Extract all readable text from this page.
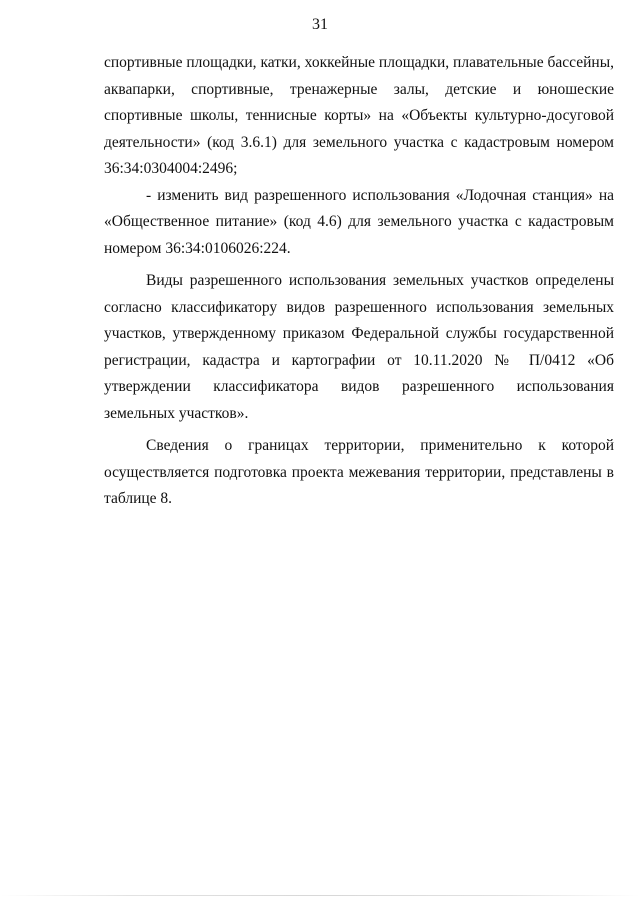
31

спортивные площадки, катки, хоккейные площадки, плавательные бассейны, аквапарки, спортивные, тренажерные залы, детские и юношеские спортивные школы, теннисные корты» на «Объекты культурно-досуговой деятельности» (код 3.6.1) для земельного участка с кадастровым номером 36:34:0304004:2496;

- изменить вид разрешенного использования «Лодочная станция» на «Общественное питание» (код 4.6) для земельного участка с кадастровым номером 36:34:0106026:224.

Виды разрешенного использования земельных участков определены согласно классификатору видов разрешенного использования земельных участков, утвержденному приказом Федеральной службы государственной регистрации, кадастра и картографии от 10.11.2020 № П/0412 «Об утверждении классификатора видов разрешенного использования земельных участков».

Сведения о границах территории, применительно к которой осуществляется подготовка проекта межевания территории, представлены в таблице 8.
